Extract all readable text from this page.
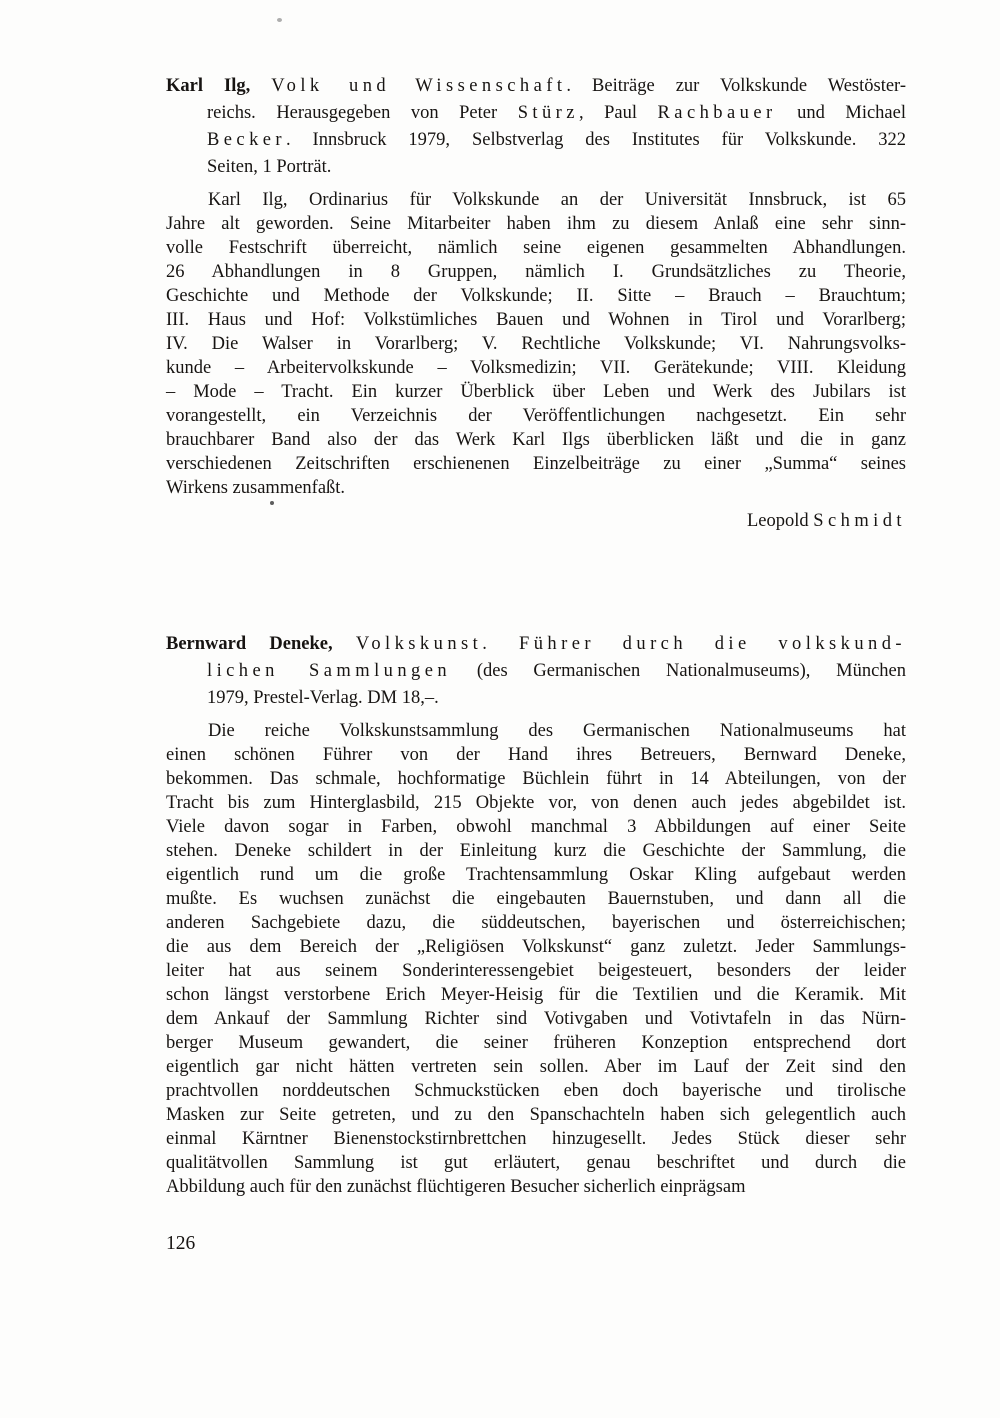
Karl Ilg, Volk und Wissenschaft. Beiträge zur Volkskunde Westöster-
reichs. Herausgegeben von Peter Stürz, Paul Rachbauer und Michael
Becker. Innsbruck 1979, Selbstverlag des Institutes für Volkskunde. 322
Seiten, 1 Porträt.
Karl Ilg, Ordinarius für Volkskunde an der Universität Innsbruck, ist 65
Jahre alt geworden. Seine Mitarbeiter haben ihm zu diesem Anlaß eine sehr sinn-
volle Festschrift überreicht, nämlich seine eigenen gesammelten Abhandlungen.
26 Abhandlungen in 8 Gruppen, nämlich I. Grundsätzliches zu Theorie,
Geschichte und Methode der Volkskunde; II. Sitte – Brauch – Brauchtum;
III. Haus und Hof: Volkstümliches Bauen und Wohnen in Tirol und Vorarlberg;
IV. Die Walser in Vorarlberg; V. Rechtliche Volkskunde; VI. Nahrungsvolks-
kunde – Arbeitervolkskunde – Volksmedizin; VII. Gerätekunde; VIII. Kleidung
– Mode – Tracht. Ein kurzer Überblick über Leben und Werk des Jubilars ist
vorangestellt, ein Verzeichnis der Veröffentlichungen nachgesetzt. Ein sehr
brauchbarer Band also der das Werk Karl Ilgs überblicken läßt und die in ganz
verschiedenen Zeitschriften erschienenen Einzelbeiträge zu einer „Summa“ seines
Wirkens zusammenfaßt.
Leopold Schmidt
Bernward Deneke, Volkskunst. Führer durch die volkskund-
lichen Sammlungen (des Germanischen Nationalmuseums), München
1979, Prestel-Verlag. DM 18,–.
Die reiche Volkskunstsammlung des Germanischen Nationalmuseums hat
einen schönen Führer von der Hand ihres Betreuers, Bernward Deneke,
bekommen. Das schmale, hochformatige Büchlein führt in 14 Abteilungen, von der
Tracht bis zum Hinterglasbild, 215 Objekte vor, von denen auch jedes abgebildet ist.
Viele davon sogar in Farben, obwohl manchmal 3 Abbildungen auf einer Seite
stehen. Deneke schildert in der Einleitung kurz die Geschichte der Sammlung, die
eigentlich rund um die große Trachtensammlung Oskar Kling aufgebaut werden
mußte. Es wuchsen zunächst die eingebauten Bauernstuben, und dann all die
anderen Sachgebiete dazu, die süddeutschen, bayerischen und österreichischen;
die aus dem Bereich der „Religiösen Volkskunst“ ganz zuletzt. Jeder Sammlungs-
leiter hat aus seinem Sonderinteressengebiet beigesteuert, besonders der leider
schon längst verstorbene Erich Meyer-Heisig für die Textilien und die Keramik. Mit
dem Ankauf der Sammlung Richter sind Votivgaben und Votivtafeln in das Nürn-
berger Museum gewandert, die seiner früheren Konzeption entsprechend dort
eigentlich gar nicht hätten vertreten sein sollen. Aber im Lauf der Zeit sind den
prachtvollen norddeutschen Schmuckstücken eben doch bayerische und tirolische
Masken zur Seite getreten, und zu den Spanschachteln haben sich gelegentlich auch
einmal Kärntner Bienenstockstirnbrettchen hinzugesellt. Jedes Stück dieser sehr
qualitätvollen Sammlung ist gut erläutert, genau beschriftet und durch die
Abbildung auch für den zunächst flüchtigeren Besucher sicherlich einprägsam
126
